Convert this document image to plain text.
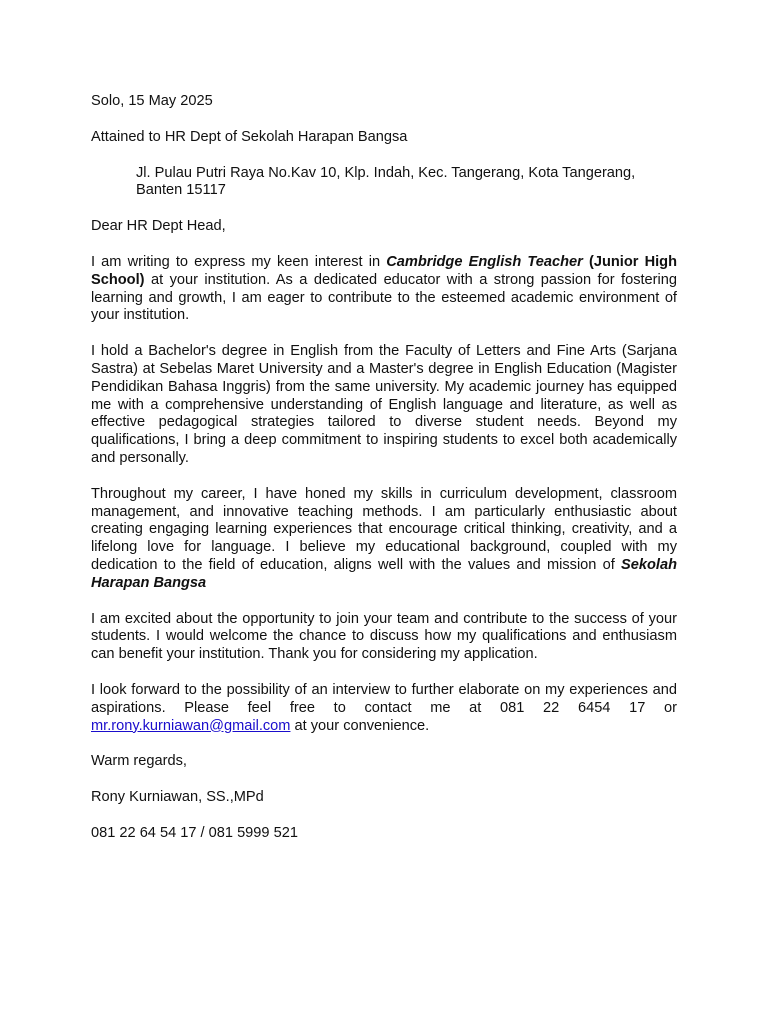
Solo, 15 May 2025

Attained to HR Dept of Sekolah Harapan Bangsa

Jl. Pulau Putri Raya No.Kav 10, Klp. Indah, Kec. Tangerang, Kota Tangerang,

Banten 15117

Dear HR Dept Head,

I am writing to express my keen interest in Cambridge English Teacher (Junior High School) at your institution. As a dedicated educator with a strong passion for fostering learning and growth, I am eager to contribute to the esteemed academic environment of your institution.

I hold a Bachelor's degree in English from the Faculty of Letters and Fine Arts (Sarjana Sastra) at Sebelas Maret University and a Master's degree in English Education (Magister Pendidikan Bahasa Inggris) from the same university. My academic journey has equipped me with a comprehensive understanding of English language and literature, as well as effective pedagogical strategies tailored to diverse student needs. Beyond my qualifications, I bring a deep commitment to inspiring students to excel both academically and personally.

Throughout my career, I have honed my skills in curriculum development, classroom management, and innovative teaching methods. I am particularly enthusiastic about creating engaging learning experiences that encourage critical thinking, creativity, and a lifelong love for language. I believe my educational background, coupled with my dedication to the field of education, aligns well with the values and mission of Sekolah Harapan Bangsa

I am excited about the opportunity to join your team and contribute to the success of your students. I would welcome the chance to discuss how my qualifications and enthusiasm can benefit your institution. Thank you for considering my application.

I look forward to the possibility of an interview to further elaborate on my experiences and aspirations. Please feel free to contact me at 081 22 6454 17 or mr.rony.kurniawan@gmail.com at your convenience.

Warm regards,

Rony Kurniawan, SS.,MPd

081 22 64 54 17 / 081 5999 521
